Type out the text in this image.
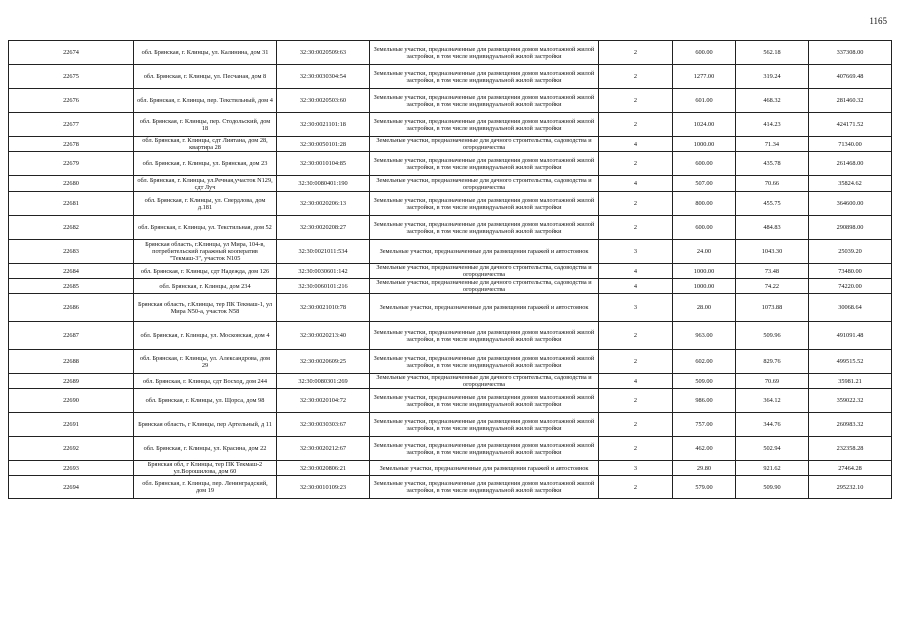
1165
22674	обл. Брянская, г. Клинцы, ул. Калинина, дом 31	32:30:0020509:63	Земельные участки, предназначенные для размещения домов малоэтажной жилой застройки, в том числе индивидуальной жилой застройки	2	600.00	562.18	337308.00
22675	обл. Брянская, г. Клинцы, ул. Песчаная, дом 8	32:30:0030304:54	Земельные участки, предназначенные для размещения домов малоэтажной жилой застройки, в том числе индивидуальной жилой застройки	2	1277.00	319.24	407669.48
22676	обл. Брянская, г. Клинцы, пер. Текстильный, дом 4	32:30:0020503:60	Земельные участки, предназначенные для размещения домов малоэтажной жилой застройки, в том числе индивидуальной жилой застройки	2	601.00	468.32	281460.32
22677	обл. Брянская, г. Клинцы, пер. Стодольский, дом 18	32:30:0021101:18	Земельные участки, предназначенные для размещения домов малоэтажной жилой застройки, в том числе индивидуальной жилой застройки	2	1024.00	414.23	424171.52
22678	обл. Брянская, г. Клинцы, сдт Лиятана, дом 28, квартира 28	32:30:0050101:28	Земельные участки, предназначенные для дачного строительства, садоводства и огородничества	4	1000.00	71.34	71340.00
22679	обл. Брянская, г. Клинцы, ул. Брянская, дом 23	32:30:0010104:85	Земельные участки, предназначенные для размещения домов малоэтажной жилой застройки, в том числе индивидуальной жилой застройки	2	600.00	435.78	261468.00
22680	обл. Брянская, г. Клинцы, ул.Речная,участок N129, сдт Луч	32:30:0080401:190	Земельные участки, предназначенные для дачного строительства, садоводства и огородничества	4	507.00	70.66	35824.62
22681	обл. Брянская, г. Клинцы, ул. Свердлова, дом д.181	32:30:0020206:13	Земельные участки, предназначенные для размещения домов малоэтажной жилой застройки, в том числе индивидуальной жилой застройки	2	800.00	455.75	364600.00
22682	обл. Брянская, г. Клинцы, ул. Текстильная, дом 52	32:30:0020208:27	Земельные участки, предназначенные для размещения домов малоэтажной жилой застройки, в том числе индивидуальной жилой застройки	2	600.00	484.83	290898.00
22683	Брянская область, г.Клинцы, ул Мира, 104-в, потребительский гаражный кооператив "Текмаш-3", участок N105	32:30:0021011:534	Земельные участки, предназначенные для размещения гаражей и автостоянок	3	24.00	1043.30	25039.20
22684	обл. Брянская, г. Клинцы, сдт Надежда, дом 126	32:30:0030601:142	Земельные участки, предназначенные для дачного строительства, садоводства и огородничества	4	1000.00	73.48	73480.00
22685	обл. Брянская, г. Клинцы, дом 234	32:30:0060101:216	Земельные участки, предназначенные для дачного строительства, садоводства и огородничества	4	1000.00	74.22	74220.00
22686	Брянская область, г.Клинцы, тер ПК Текмаш-1, ул Мира N50-а, участок N58	32:30:0021010:78	Земельные участки, предназначенные для размещения гаражей и автостоянок	3	28.00	1073.88	30068.64
22687	обл. Брянская, г. Клинцы, ул. Московская, дом 4	32:30:0020213:40	Земельные участки, предназначенные для размещения домов малоэтажной жилой застройки, в том числе индивидуальной жилой застройки	2	963.00	509.96	491091.48
22688	обл. Брянская, г. Клинцы, ул. Александрова, дом 29	32:30:0020609:25	Земельные участки, предназначенные для размещения домов малоэтажной жилой застройки, в том числе индивидуальной жилой застройки	2	602.00	829.76	499515.52
22689	обл. Брянская, г. Клинцы, сдт Восход, дом 244	32:30:0080301:269	Земельные участки, предназначенные для дачного строительства, садоводства и огородничества	4	509.00	70.69	35981.21
22690	обл. Брянская, г. Клинцы, ул. Щорса, дом 98	32:30:0020104:72	Земельные участки, предназначенные для размещения домов малоэтажной жилой застройки, в том числе индивидуальной жилой застройки	2	986.00	364.12	359022.32
22691	Брянская область, г Клинцы, пер Артельный, д 11	32:30:0030303:67	Земельные участки, предназначенные для размещения домов малоэтажной жилой застройки, в том числе индивидуальной жилой застройки	2	757.00	344.76	260983.32
22692	обл. Брянская, г. Клинцы, ул. Красина, дом 22	32:30:0020212:67	Земельные участки, предназначенные для размещения домов малоэтажной жилой застройки, в том числе индивидуальной жилой застройки	2	462.00	502.94	232358.28
22693	Брянская обл, г Клинцы, тер ПК Текмаш-2 ул.Ворошилова, дом 60	32:30:0020806:21	Земельные участки, предназначенные для размещения гаражей и автостоянок	3	29.80	921.62	27464.28
22694	обл. Брянская, г. Клинцы, пер. Ленинградский, дом 19	32:30:0010109:23	Земельные участки, предназначенные для размещения домов малоэтажной жилой застройки, в том числе индивидуальной жилой застройки	2	579.00	509.90	295232.10
